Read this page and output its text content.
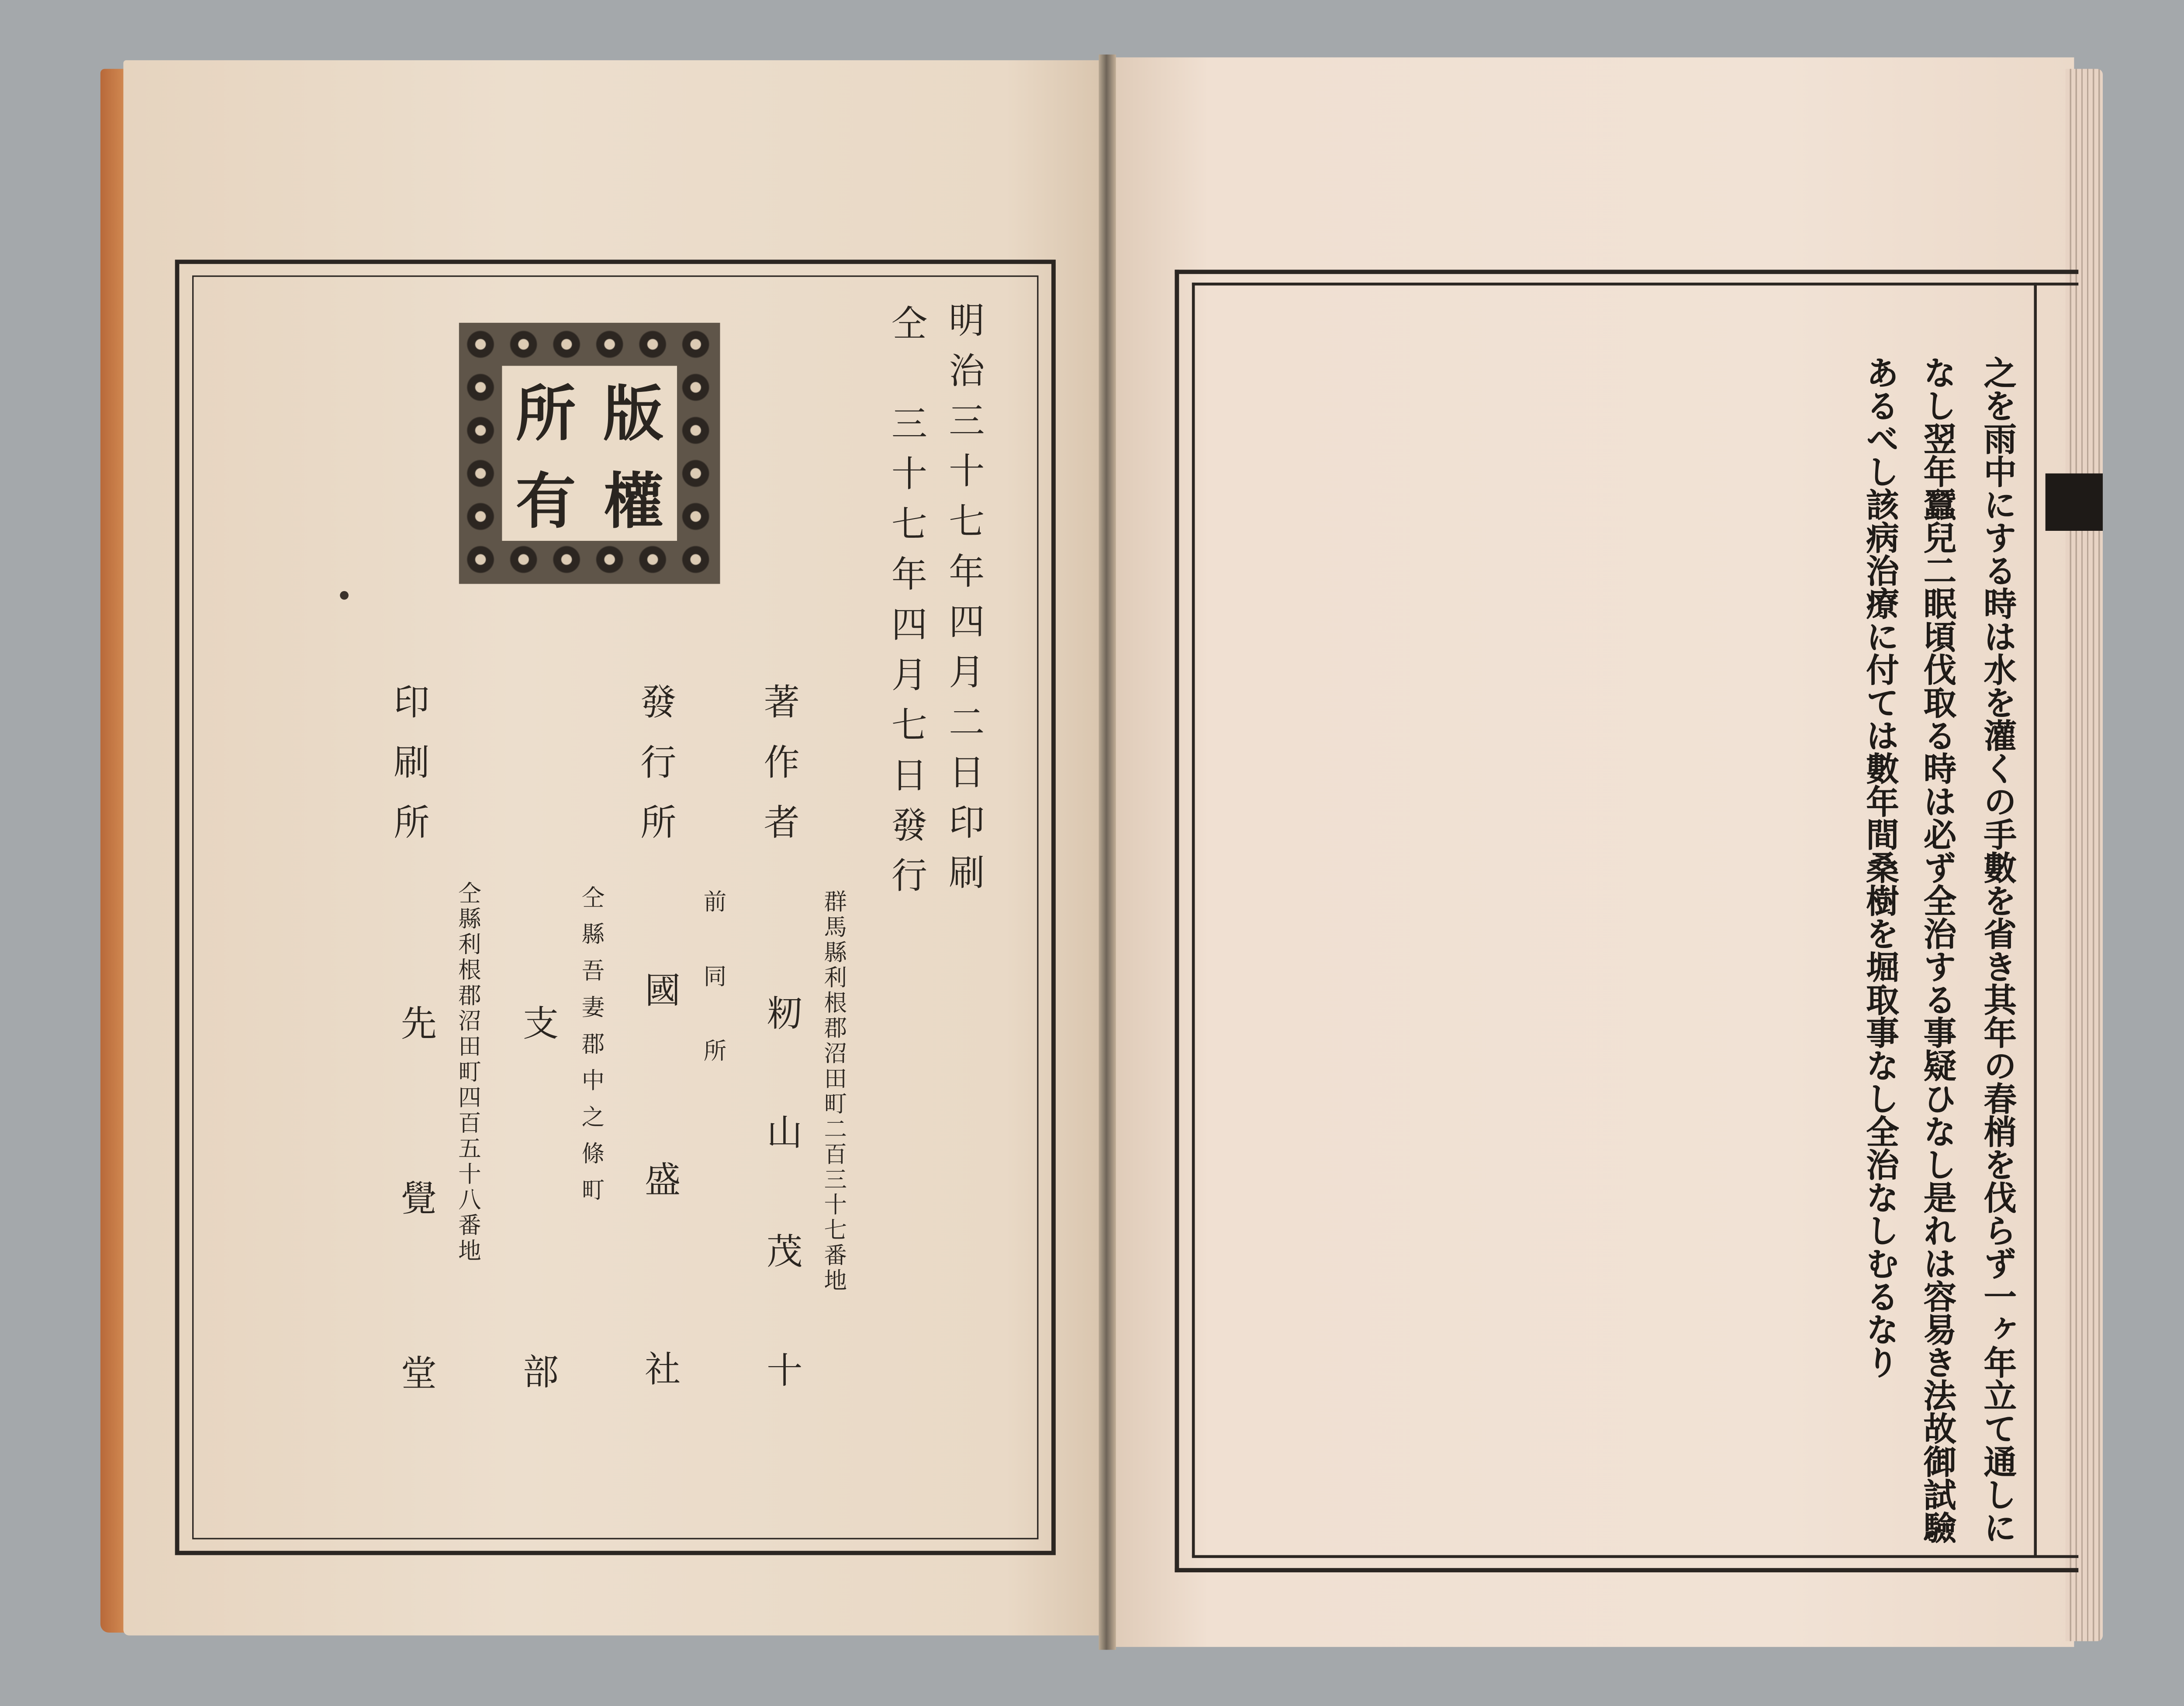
所	版
有	權	明治三十七年四月二日印刷
仝　三十七年四月七日發行
群馬縣利根郡沼田町二百三十七番地
著作者
籾山茂十
前同所
發行所
國盛社
仝縣吾妻郡中之條町
支部
仝縣利根郡沼田町四百五十八番地
印刷所
先覺堂	之を雨中にする時は水を灌くの手數を省き其年の春梢を伐らず一ヶ年立て通しに
なし翌年蠶兒二眠頃伐取る時は必ず全治する事疑ひなし是れは容易き法故御試驗
あるべし該病治療に付ては數年間桑樹を堀取事なし全治なしむるなり
